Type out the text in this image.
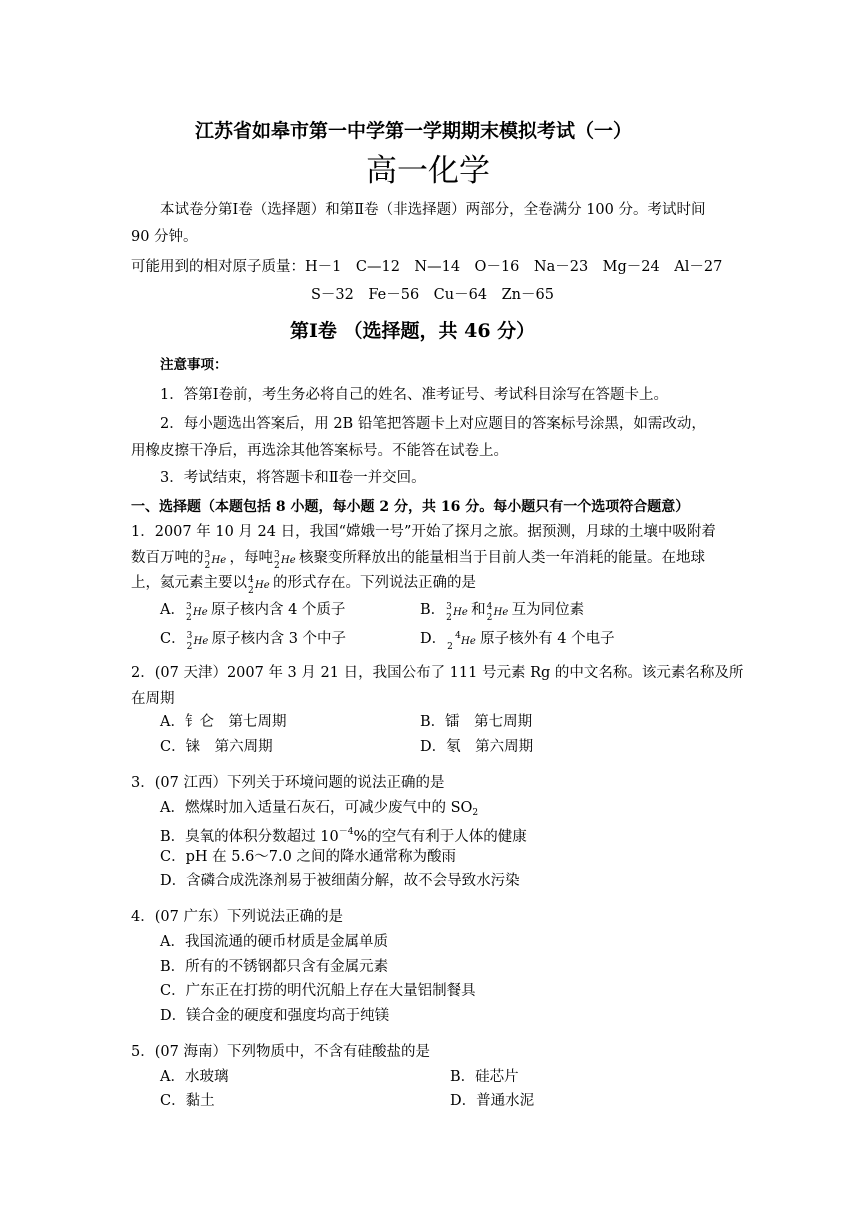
江苏省如皋市第一中学第一学期期末模拟考试（一）
高一化学
本试卷分第Ⅰ卷（选择题）和第Ⅱ卷（非选择题）两部分，全卷满分 100 分。考试时间
90 分钟。
可能用到的相对原子质量：H－1　C—12　N—14　O－16　Na－23　Mg－24　Al－27
S－32　Fe－56　Cu－64　Zn－65
第Ⅰ卷 （选择题，共 46 分）
注意事项：
1．答第Ⅰ卷前，考生务必将自己的姓名、准考证号、考试科目涂写在答题卡上。
2．每小题选出答案后，用 2B 铅笔把答题卡上对应题目的答案标号涂黑，如需改动，
用橡皮擦干净后，再选涂其他答案标号。不能答在试卷上。
3．考试结束，将答题卡和Ⅱ卷一并交回。
一、选择题（本题包括 8 小题，每小题 2 分，共 16 分。每小题只有一个选项符合题意）
1．2007 年 10 月 24 日，我国“嫦娥一号”开始了探月之旅。据预测，月球的土壤中吸附着
数百万吨的 3
2 He ，每吨 3
2 He 核聚变所释放出的能量相当于目前人类一年消耗的能量。在地球
上，氦元素主要以 4
2 He 的形式存在。下列说法正确的是
A． 3
2 He 原子核内含 4 个质子	B． 3
2 He 和 4
2 He 互为同位素
C． 3
2 He 原子核内含 3 个中子	D． 4
2 He 原子核外有 4 个电子
2．(07 天津）2007 年 3 月 21 日，我国公布了 111 号元素 Rg 的中文名称。该元素名称及所
在周期
A．钅仑　第七周期	B．镭　第七周期
C．铼　第六周期	D．氡　第六周期
3．(07 江西）下列关于环境问题的说法正确的是
A．燃煤时加入适量石灰石，可减少废气中的 $SO_2$
B．臭氧的体积分数超过 $10^{-4}\%$的空气有利于人体的健康
C．pH 在 5.6～7.0 之间的降水通常称为酸雨
D．含磷合成洗涤剂易于被细菌分解，故不会导致水污染
4．(07 广东）下列说法正确的是
A．我国流通的硬币材质是金属单质
B．所有的不锈钢都只含有金属元素
C．广东正在打捞的明代沉船上存在大量铝制餐具
D．镁合金的硬度和强度均高于纯镁
5．(07 海南）下列物质中，不含有硅酸盐的是
A．水玻璃	B．硅芯片
C．黏土	D．普通水泥
